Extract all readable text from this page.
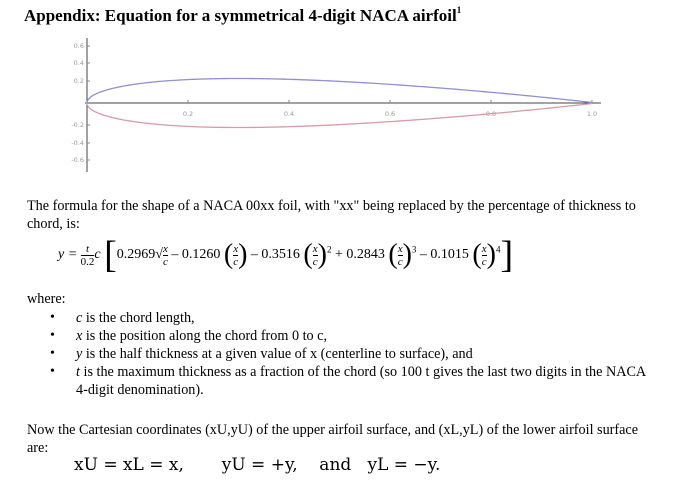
Appendix: Equation for a symmetrical 4-digit NACA airfoil$^1$
0.6
0.4
0.2
-0.2
-0.4
-0.6
0.2	0.4	0.6	0.8	1.0

The formula for the shape of a NACA 00xx foil, with "xx" being replaced by the percentage of thickness to chord, is:

$y = \frac{t}{0.2}$ c [$0.2969√ \frac{x}{c} - 0.1260$ ( $\frac{x}{c}$ ) – 0.3516 ( $\frac{x}{c} )^2 + 0.2843$ ( $\frac{x}{c} )^3 - 0.1015$ ( $\frac{x}{c} )^4$]

where:

• c is the chord length,
• x is the position along the chord from 0 to c,
• y is the half thickness at a given value of x (centerline to surface), and
• t is the maximum thickness as a fraction of the chord (so 100 t gives the last two digits in the NACA 4-digit denomination).

Now the Cartesian coordinates (xU,yU) of the upper airfoil surface, and (xL,yL) of the lower airfoil surface are:

xU = xL = x,       yU = +y,    and   yL = −y.
